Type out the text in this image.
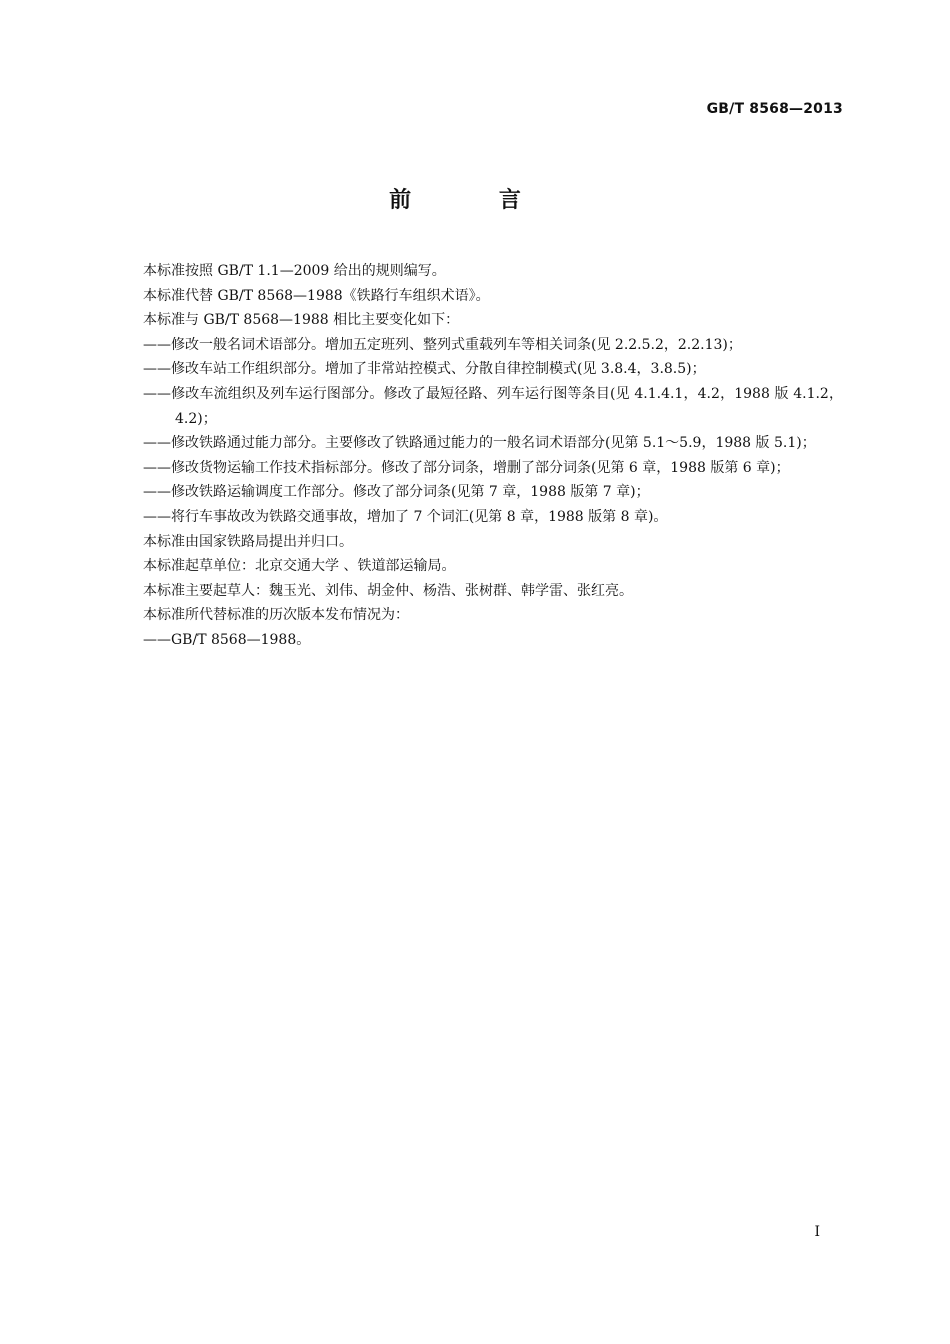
GB/T 8568—2013
前 言

本标准按照 GB/T 1.1—2009 给出的规则编写。

本标准代替 GB/T 8568—1988《铁路行车组织术语》。

本标准与 GB/T 8568—1988 相比主要变化如下：

——修改一般名词术语部分。增加五定班列、整列式重载列车等相关词条(见 2.2.5.2，2.2.13)；

——修改车站工作组织部分。增加了非常站控模式、分散自律控制模式(见 3.8.4，3.8.5)；

——修改车流组织及列车运行图部分。修改了最短径路、列车运行图等条目(见 4.1.4.1，4.2，1988 版 4.1.2，4.2)；

——修改铁路通过能力部分。主要修改了铁路通过能力的一般名词术语部分(见第 5.1～5.9，1988 版 5.1)；

——修改货物运输工作技术指标部分。修改了部分词条，增删了部分词条(见第 6 章，1988 版第 6 章)；

——修改铁路运输调度工作部分。修改了部分词条(见第 7 章，1988 版第 7 章)；

——将行车事故改为铁路交通事故，增加了 7 个词汇(见第 8 章，1988 版第 8 章)。

本标准由国家铁路局提出并归口。

本标准起草单位：北京交通大学 、铁道部运输局。

本标准主要起草人：魏玉光、刘伟、胡金仲、杨浩、张树群、韩学雷、张红亮。

本标准所代替标准的历次版本发布情况为：

——GB/T 8568—1988。

I
